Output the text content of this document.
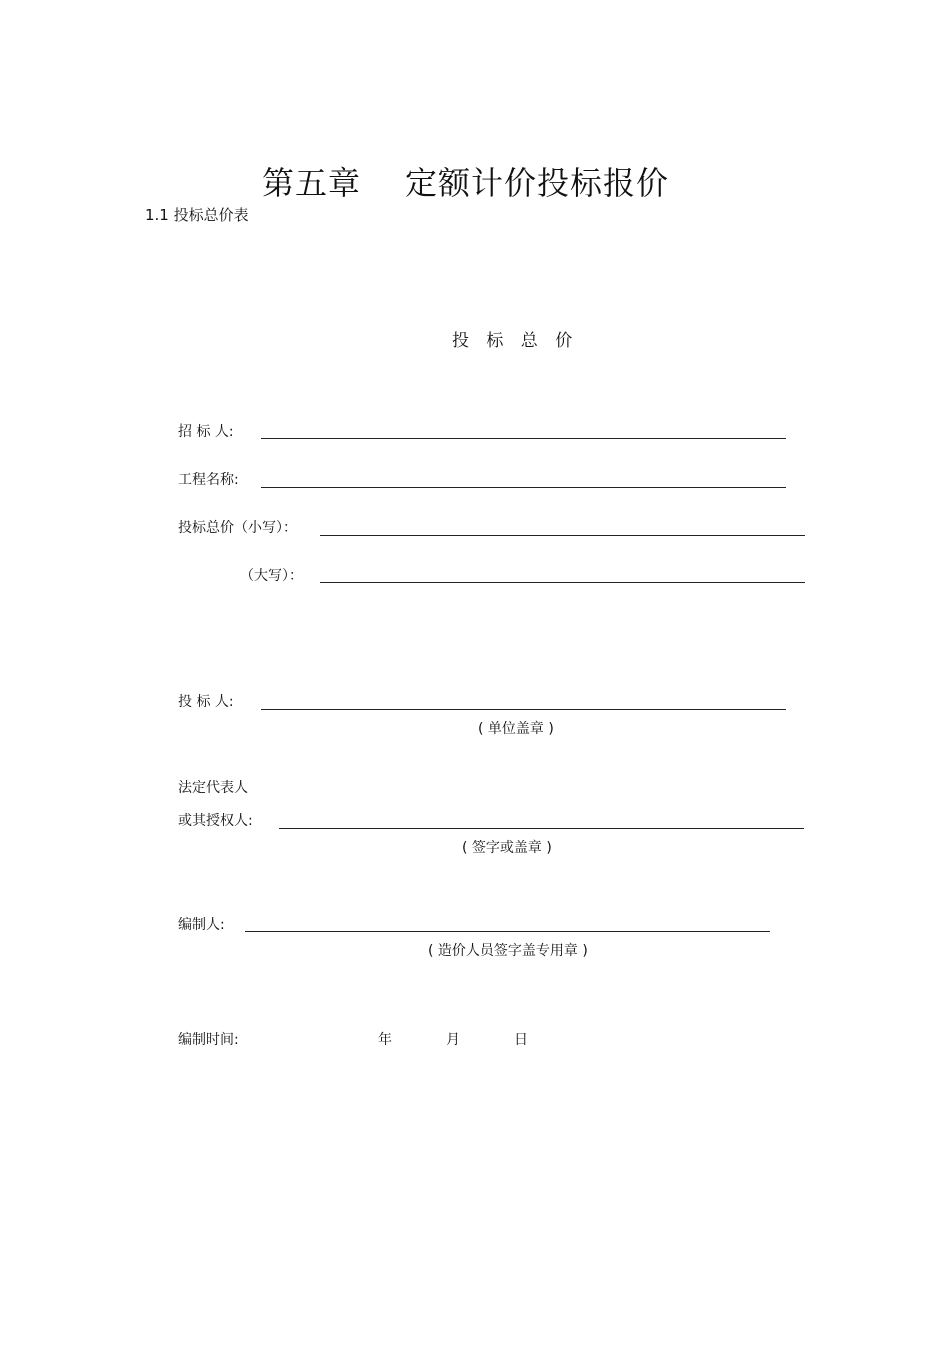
第五章 定额计价投标报价
1.1 投标总价表
投 标 总 价
招 标 人:
工程名称:
投标总价（小写）：
（大写）：
投 标 人:
( 单位盖章 )
法定代表人
或其授权人:
( 签字或盖章 )
编制人:
( 造价人员签字盖专用章 )
编制时间:	年	月	日
